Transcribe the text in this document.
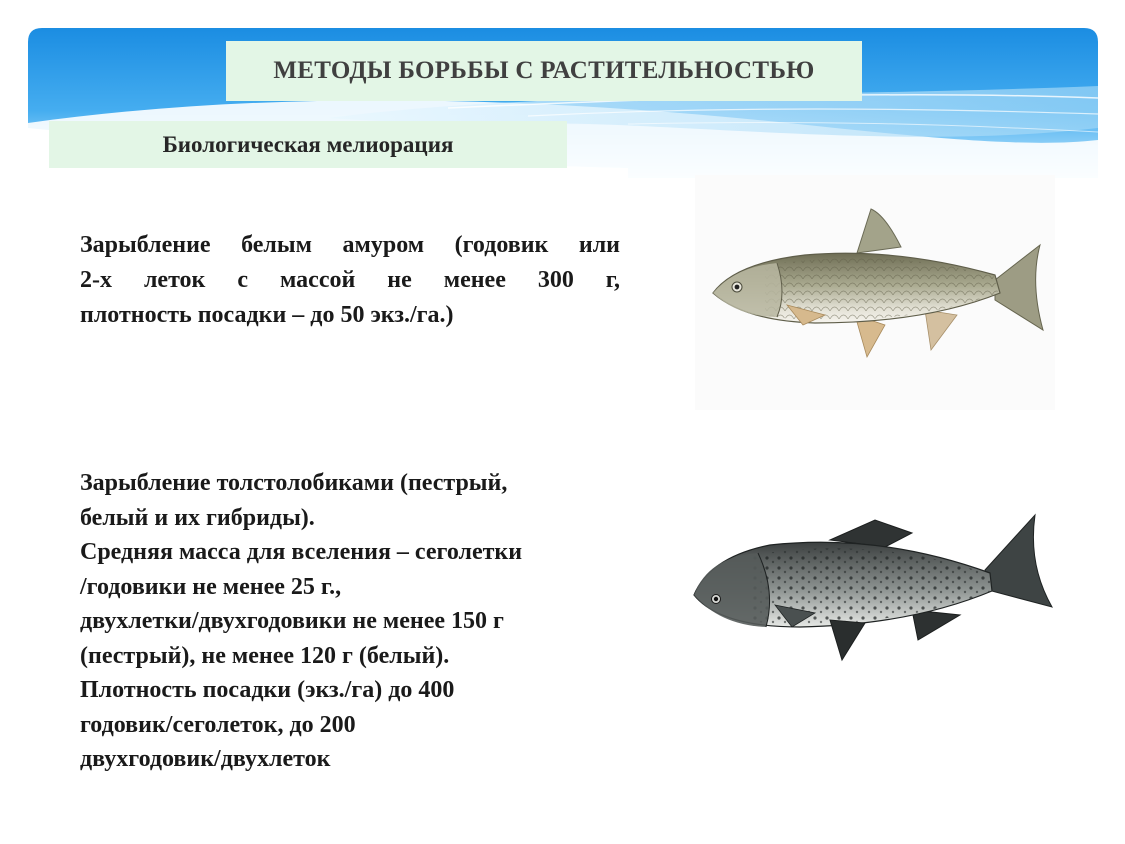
МЕТОДЫ БОРЬБЫ С РАСТИТЕЛЬНОСТЬЮ
Биологическая мелиорация
Зарыбление белым амуром (годовик или
2-х леток с массой не менее 300 г,
плотность посадки – до 50 экз./га.)
Зарыбление толстолобиками (пестрый,
белый и их гибриды).
Средняя масса для вселения – сеголетки
/годовики не менее 25 г.,
двухлетки/двухгодовики не менее 150 г
(пестрый), не менее 120 г (белый).
Плотность посадки (экз./га) до 400
годовик/сеголеток, до 200
двухгодовик/двухлеток
